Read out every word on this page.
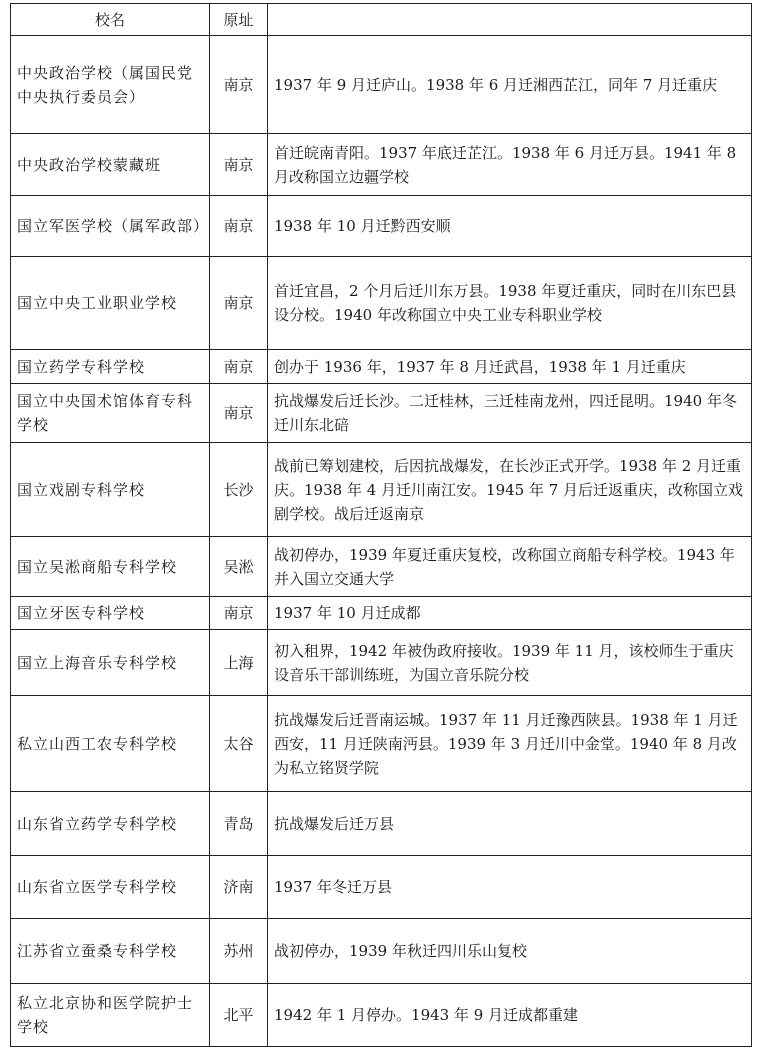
校名	原址	
中央政治学校（属国民党中央执行委员会）	南京	1937 年 9 月迁庐山。1938 年 6 月迁湘西芷江，同年 7 月迁重庆
中央政治学校蒙藏班	南京	首迁皖南青阳。1937 年底迁芷江。1938 年 6 月迁万县。1941 年 8 月改称国立边疆学校
国立军医学校（属军政部）	南京	1938 年 10 月迁黔西安顺
国立中央工业职业学校	南京	首迁宜昌，2 个月后迁川东万县。1938 年夏迁重庆，同时在川东巴县设分校。1940 年改称国立中央工业专科职业学校
国立药学专科学校	南京	创办于 1936 年，1937 年 8 月迁武昌，1938 年 1 月迁重庆
国立中央国术馆体育专科学校	南京	抗战爆发后迁长沙。二迁桂林，三迁桂南龙州，四迁昆明。1940 年冬迁川东北碚
国立戏剧专科学校	长沙	战前已筹划建校，后因抗战爆发，在长沙正式开学。1938 年 2 月迁重庆。1938 年 4 月迁川南江安。1945 年 7 月后迁返重庆，改称国立戏剧学校。战后迁返南京
国立吴淞商船专科学校	吴淞	战初停办，1939 年夏迁重庆复校，改称国立商船专科学校。1943 年并入国立交通大学
国立牙医专科学校	南京	1937 年 10 月迁成都
国立上海音乐专科学校	上海	初入租界，1942 年被伪政府接收。1939 年 11 月，该校师生于重庆设音乐干部训练班，为国立音乐院分校
私立山西工农专科学校	太谷	抗战爆发后迁晋南运城。1937 年 11 月迁豫西陕县。1938 年 1 月迁西安，11 月迁陕南沔县。1939 年 3 月迁川中金堂。1940 年 8 月改为私立铭贤学院
山东省立药学专科学校	青岛	抗战爆发后迁万县
山东省立医学专科学校	济南	1937 年冬迁万县
江苏省立蚕桑专科学校	苏州	战初停办，1939 年秋迁四川乐山复校
私立北京协和医学院护士学校	北平	1942 年 1 月停办。1943 年 9 月迁成都重建
